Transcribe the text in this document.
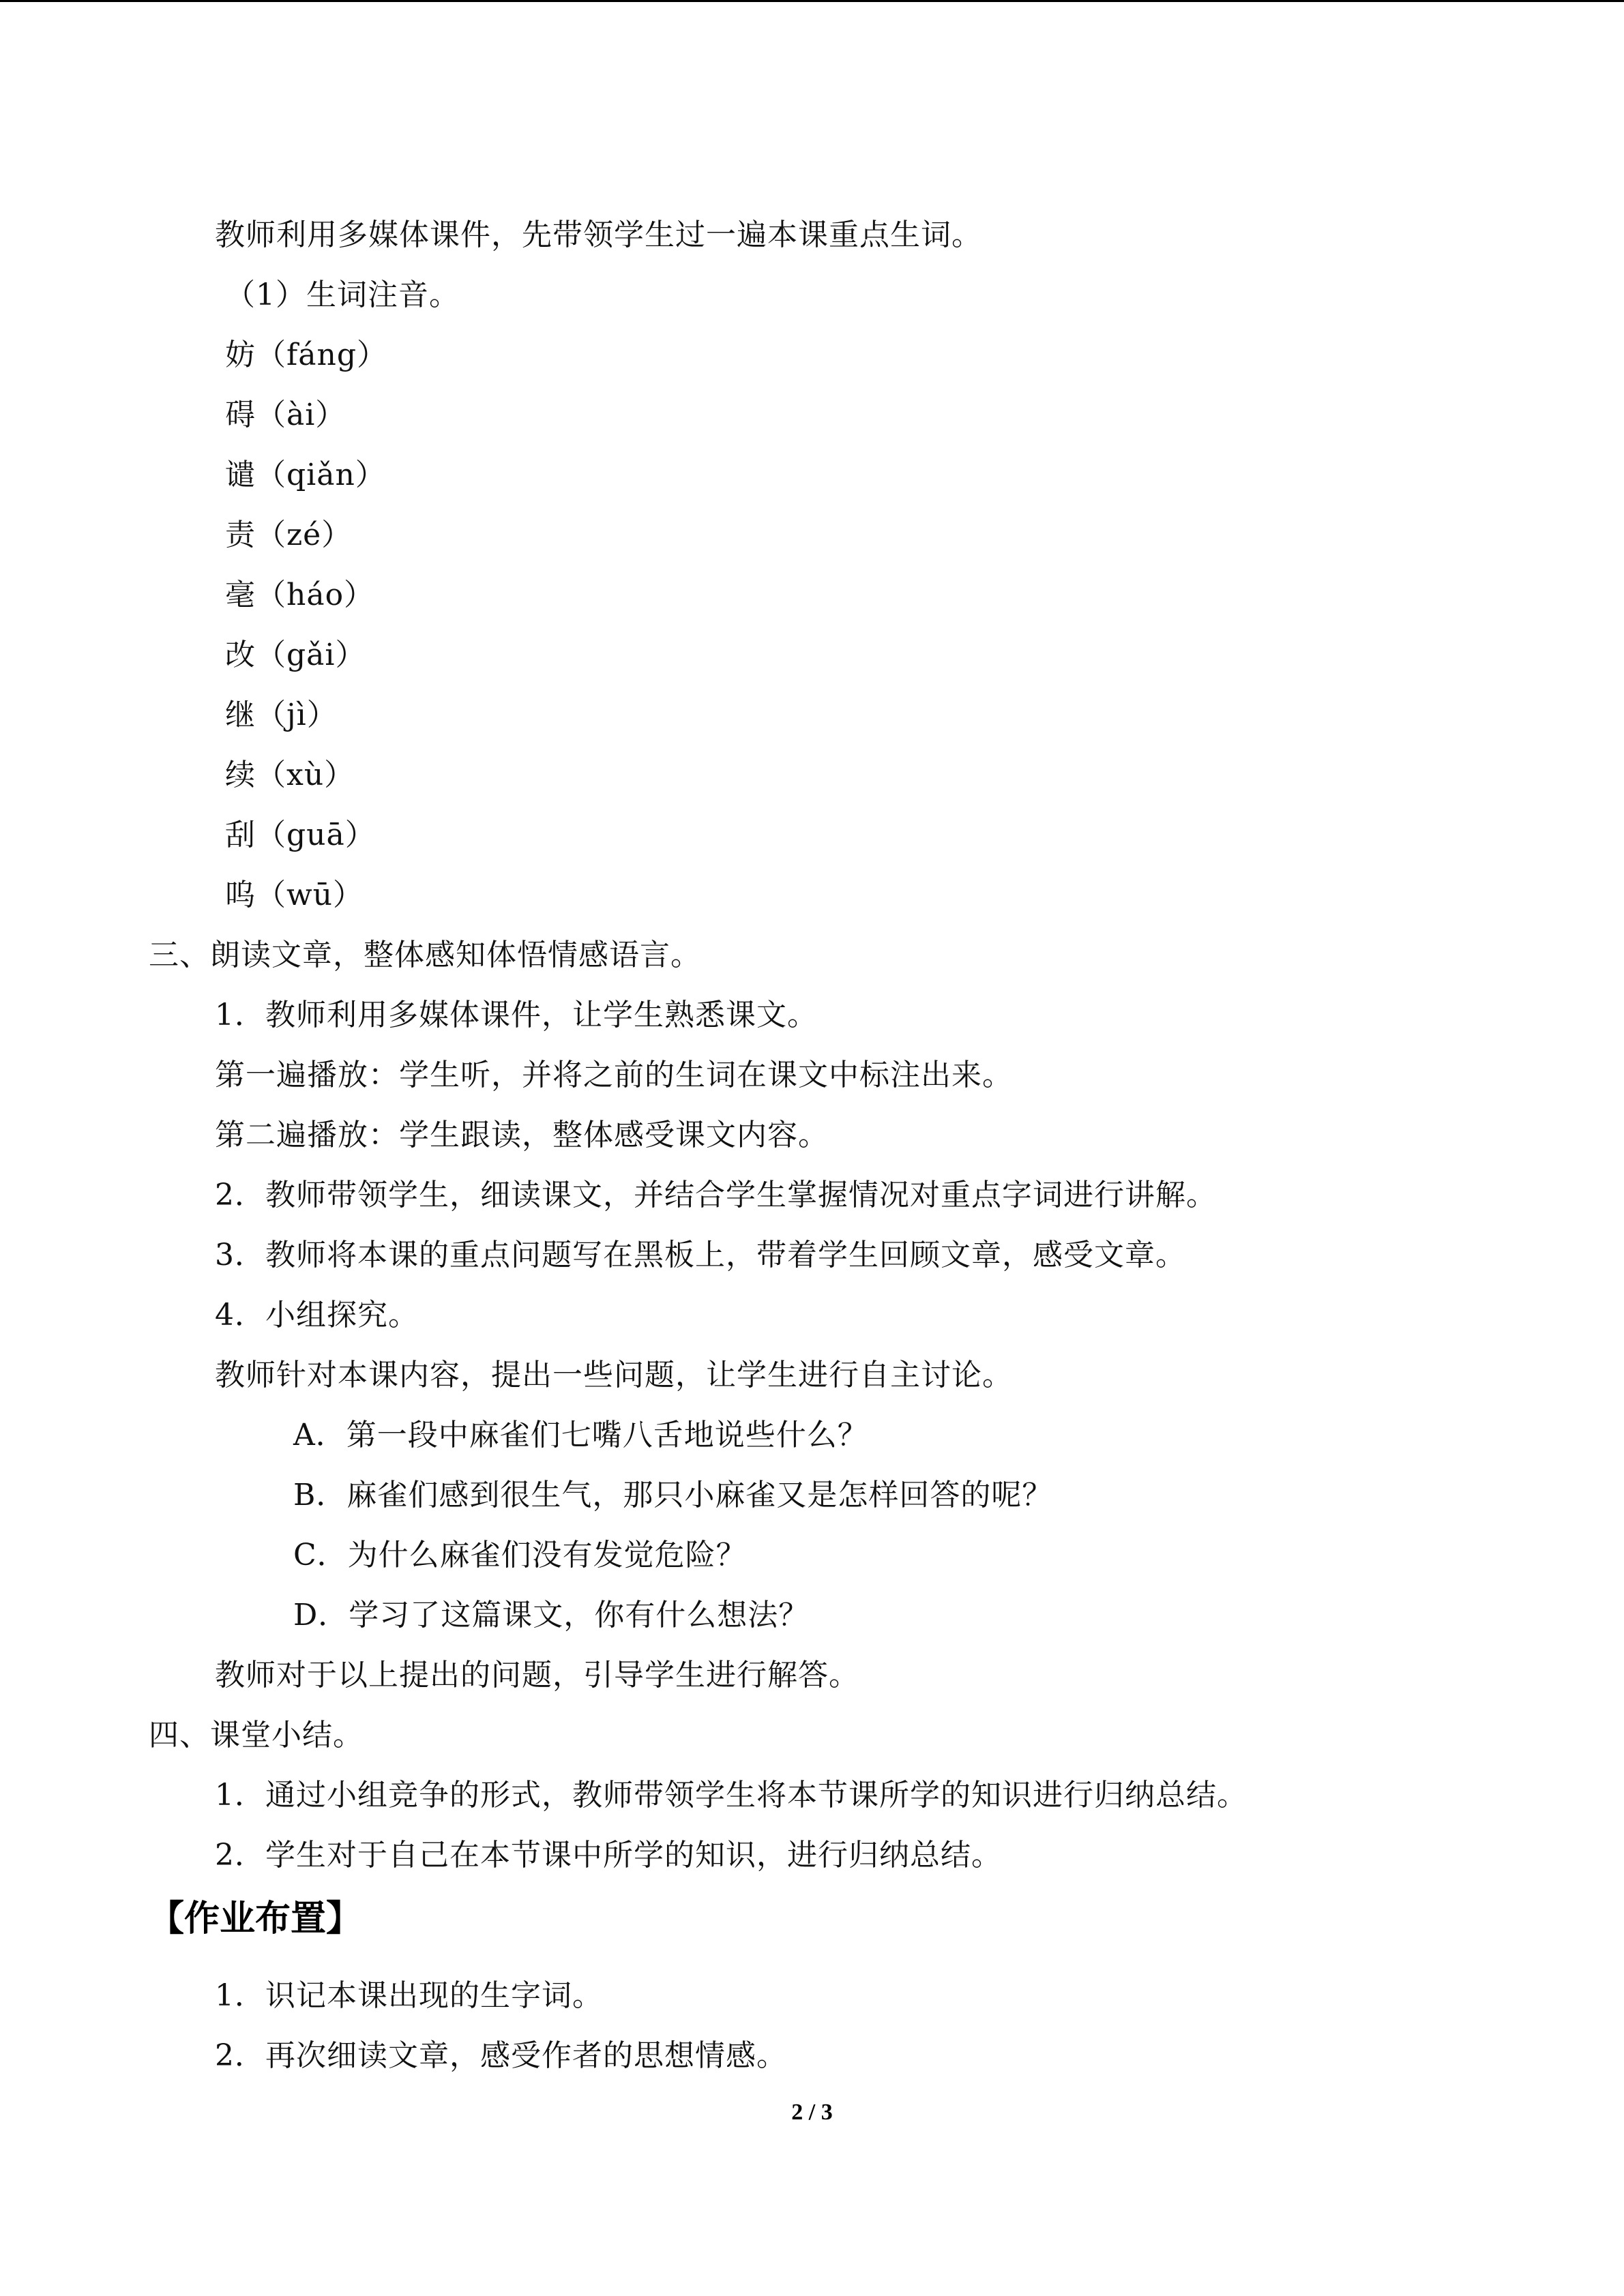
教师利用多媒体课件，先带领学生过一遍本课重点生词。
（1）生词注音。
妨（fáng）
碍（ài）
谴（qiǎn）
责（zé）
毫（háo）
改（gǎi）
继（jì）
续（xù）
刮（guā）
呜（wū）
三、朗读文章，整体感知体悟情感语言。
1．教师利用多媒体课件，让学生熟悉课文。
第一遍播放：学生听，并将之前的生词在课文中标注出来。
第二遍播放：学生跟读，整体感受课文内容。
2．教师带领学生，细读课文，并结合学生掌握情况对重点字词进行讲解。
3．教师将本课的重点问题写在黑板上，带着学生回顾文章，感受文章。
4．小组探究。
教师针对本课内容，提出一些问题，让学生进行自主讨论。
A．第一段中麻雀们七嘴八舌地说些什么？
B．麻雀们感到很生气，那只小麻雀又是怎样回答的呢？
C．为什么麻雀们没有发觉危险？
D．学习了这篇课文，你有什么想法？
教师对于以上提出的问题，引导学生进行解答。
四、课堂小结。
1．通过小组竞争的形式，教师带领学生将本节课所学的知识进行归纳总结。
2．学生对于自己在本节课中所学的知识，进行归纳总结。
【作业布置】
1．识记本课出现的生字词。
2．再次细读文章，感受作者的思想情感。
2 / 3
